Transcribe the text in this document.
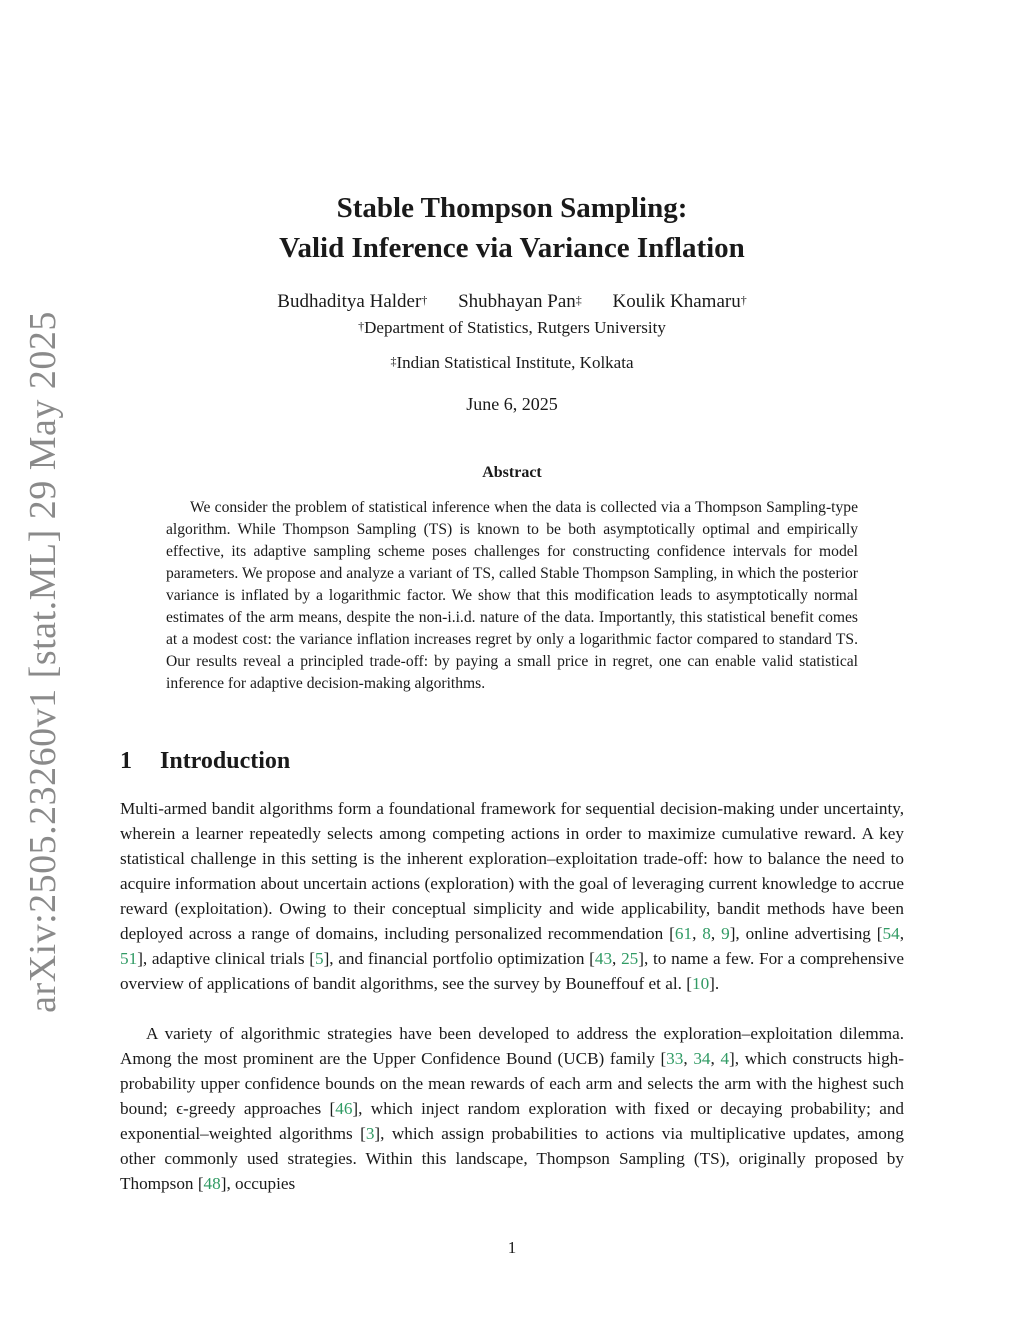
arXiv:2505.23260v1 [stat.ML] 29 May 2025
Stable Thompson Sampling:
Valid Inference via Variance Inflation
Budhaditya Halder† Shubhayan Pan‡ Koulik Khamaru†
†Department of Statistics, Rutgers University
‡Indian Statistical Institute, Kolkata
June 6, 2025
Abstract
We consider the problem of statistical inference when the data is collected via a Thompson Sampling-type algorithm. While Thompson Sampling (TS) is known to be both asymptotically optimal and empirically effective, its adaptive sampling scheme poses challenges for constructing confidence intervals for model parameters. We propose and analyze a variant of TS, called Stable Thompson Sampling, in which the posterior variance is inflated by a logarithmic factor. We show that this modification leads to asymptotically normal estimates of the arm means, despite the non-i.i.d. nature of the data. Importantly, this statistical benefit comes at a modest cost: the variance inflation increases regret by only a logarithmic factor compared to standard TS. Our results reveal a principled trade-off: by paying a small price in regret, one can enable valid statistical inference for adaptive decision-making algorithms.
1 Introduction
Multi-armed bandit algorithms form a foundational framework for sequential decision-making under uncertainty, wherein a learner repeatedly selects among competing actions in order to maximize cumulative reward. A key statistical challenge in this setting is the inherent exploration–exploitation trade-off: how to balance the need to acquire information about uncertain actions (exploration) with the goal of leveraging current knowledge to accrue reward (exploitation). Owing to their conceptual simplicity and wide applicability, bandit methods have been deployed across a range of domains, including personalized recommendation [61, 8, 9], online advertising [54, 51], adaptive clinical trials [5], and financial portfolio optimization [43, 25], to name a few. For a comprehensive overview of applications of bandit algorithms, see the survey by Bouneffouf et al. [10].
A variety of algorithmic strategies have been developed to address the exploration–exploitation dilemma. Among the most prominent are the Upper Confidence Bound (UCB) family [33, 34, 4], which constructs high-probability upper confidence bounds on the mean rewards of each arm and selects the arm with the highest such bound; ϵ-greedy approaches [46], which inject random exploration with fixed or decaying probability; and exponential–weighted algorithms [3], which assign probabilities to actions via multiplicative updates, among other commonly used strategies. Within this landscape, Thompson Sampling (TS), originally proposed by Thompson [48], occupies
1
